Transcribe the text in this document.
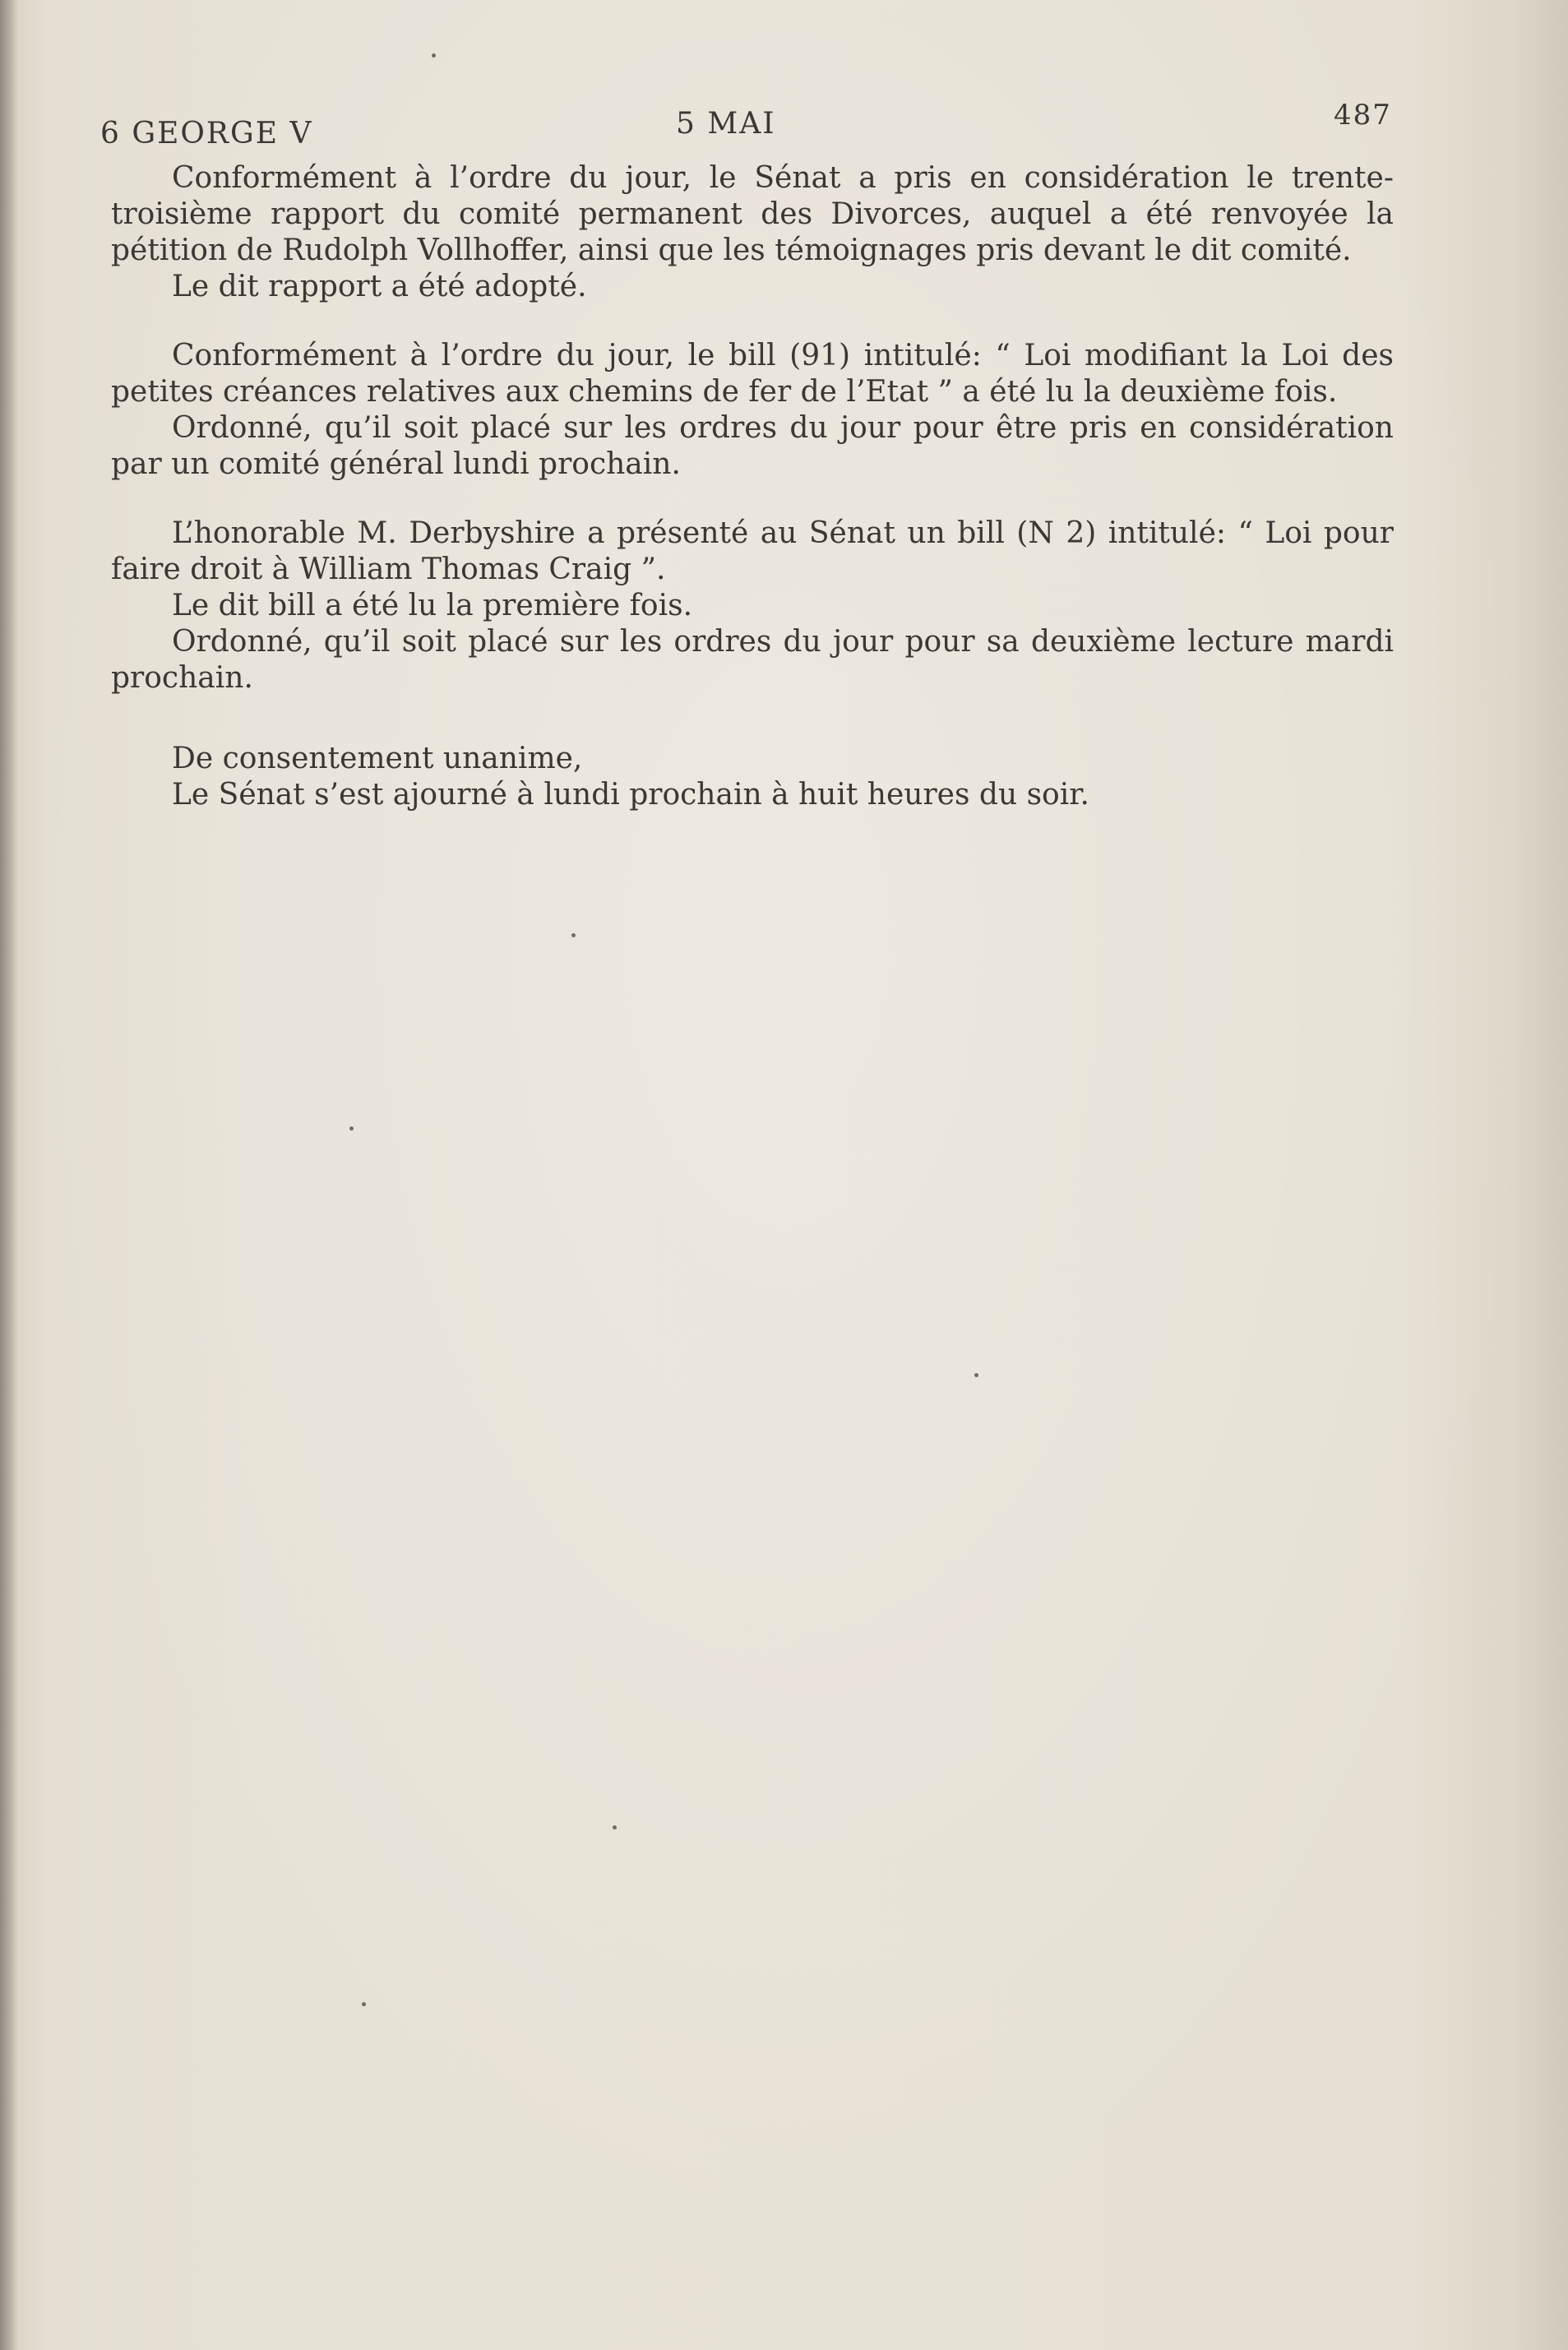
6 GEORGE V	5 MAI	487

Conformément à l’ordre du jour, le Sénat a pris en considération le trente-troisième rapport du comité permanent des Divorces, auquel a été renvoyée la pétition de Rudolph Vollhoffer, ainsi que les témoignages pris devant le dit comité.

Le dit rapport a été adopté.

Conformément à l’ordre du jour, le bill (91) intitulé: “ Loi modifiant la Loi des petites créances relatives aux chemins de fer de l’Etat ” a été lu la deuxième fois.

Ordonné, qu’il soit placé sur les ordres du jour pour être pris en considération par un comité général lundi prochain.

L’honorable M. Derbyshire a présenté au Sénat un bill (N 2) intitulé: “ Loi pour faire droit à William Thomas Craig ”.

Le dit bill a été lu la première fois.

Ordonné, qu’il soit placé sur les ordres du jour pour sa deuxième lecture mardi prochain.

De consentement unanime,

Le Sénat s’est ajourné à lundi prochain à huit heures du soir.
